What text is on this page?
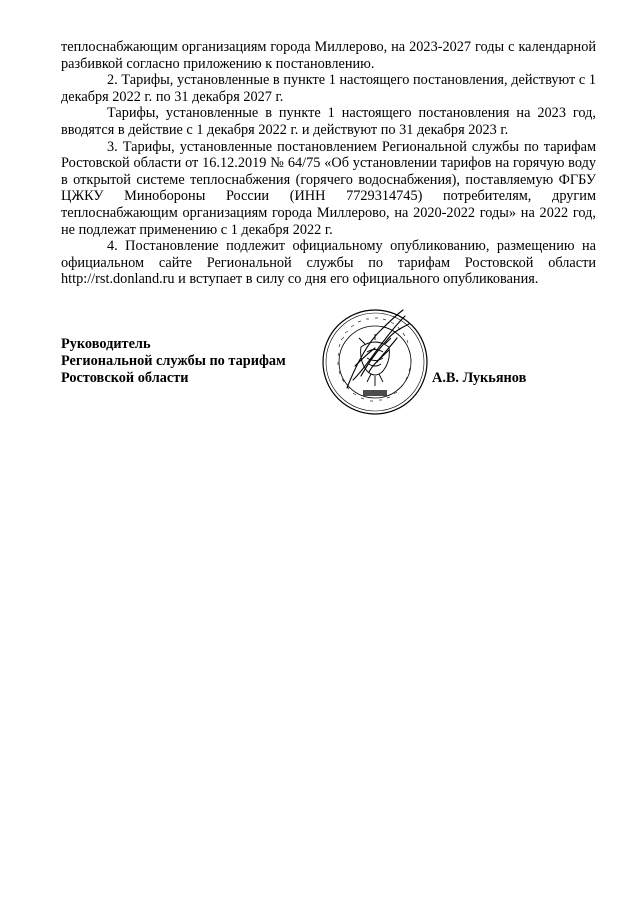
теплоснабжающим организациям города Миллерово, на 2023-2027 годы с календарной разбивкой согласно приложению к постановлению.

2. Тарифы, установленные в пункте 1 настоящего постановления, действуют с 1 декабря 2022 г. по 31 декабря 2027 г.

Тарифы, установленные в пункте 1 настоящего постановления на 2023 год, вводятся в действие с 1 декабря 2022 г. и действуют по 31 декабря 2023 г.

3. Тарифы, установленные постановлением Региональной службы по тарифам Ростовской области от 16.12.2019 № 64/75 «Об установлении тарифов на горячую воду в открытой системе теплоснабжения (горячего водоснабжения), поставляемую ФГБУ ЦЖКУ Минобороны России (ИНН 7729314745) потребителям, другим теплоснабжающим организациям города Миллерово, на 2020-2022 годы» на 2022 год, не подлежат применению с 1 декабря 2022 г.

4. Постановление подлежит официальному опубликованию, размещению на официальном сайте Региональной службы по тарифам Ростовской области http://rst.donland.ru и вступает в силу со дня его официального опубликования.

Руководитель
Региональной службы по тарифам
Ростовской области	А.В. Лукьянов
